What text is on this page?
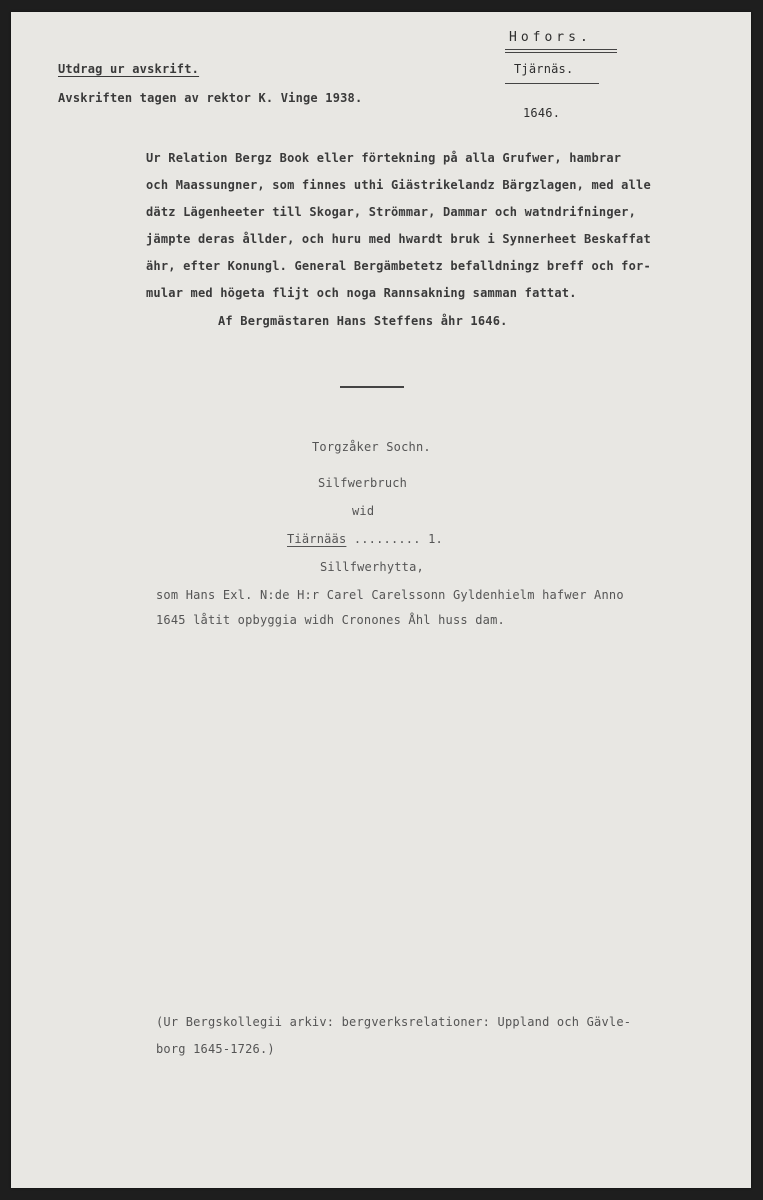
Hofors.
Tjärnäs.
1646.
Utdrag ur avskrift.
Avskriften tagen av rektor K. Vinge 1938.
Ur Relation Bergz Book eller förtekning på alla Grufwer, hambrar
och Maassungner, som finnes uthi Giästrikelandz Bärgzlagen, med alle
dätz Lägenheeter till Skogar, Strömmar, Dammar och watndrifninger,
jämpte deras ållder, och huru med hwardt bruk i Synnerheet Beskaffat
ähr, efter Konungl. General Bergämbetetz befalldningz breff och for-
mular med högeta flijt och noga Rannsakning samman fattat.
Af Bergmästaren Hans Steffens åhr 1646.
Torgzåker Sochn.
Silfwerbruch
wid
Tiärnääs ......... 1.
Sillfwerhytta,
som Hans Exl. N:de H:r Carel Carelssonn Gyldenhielm hafwer Anno
1645 låtit opbyggia widh Cronones Åhl huss dam.
(Ur Bergskollegii arkiv: bergverksrelationer: Uppland och Gävle-
borg 1645-1726.)
